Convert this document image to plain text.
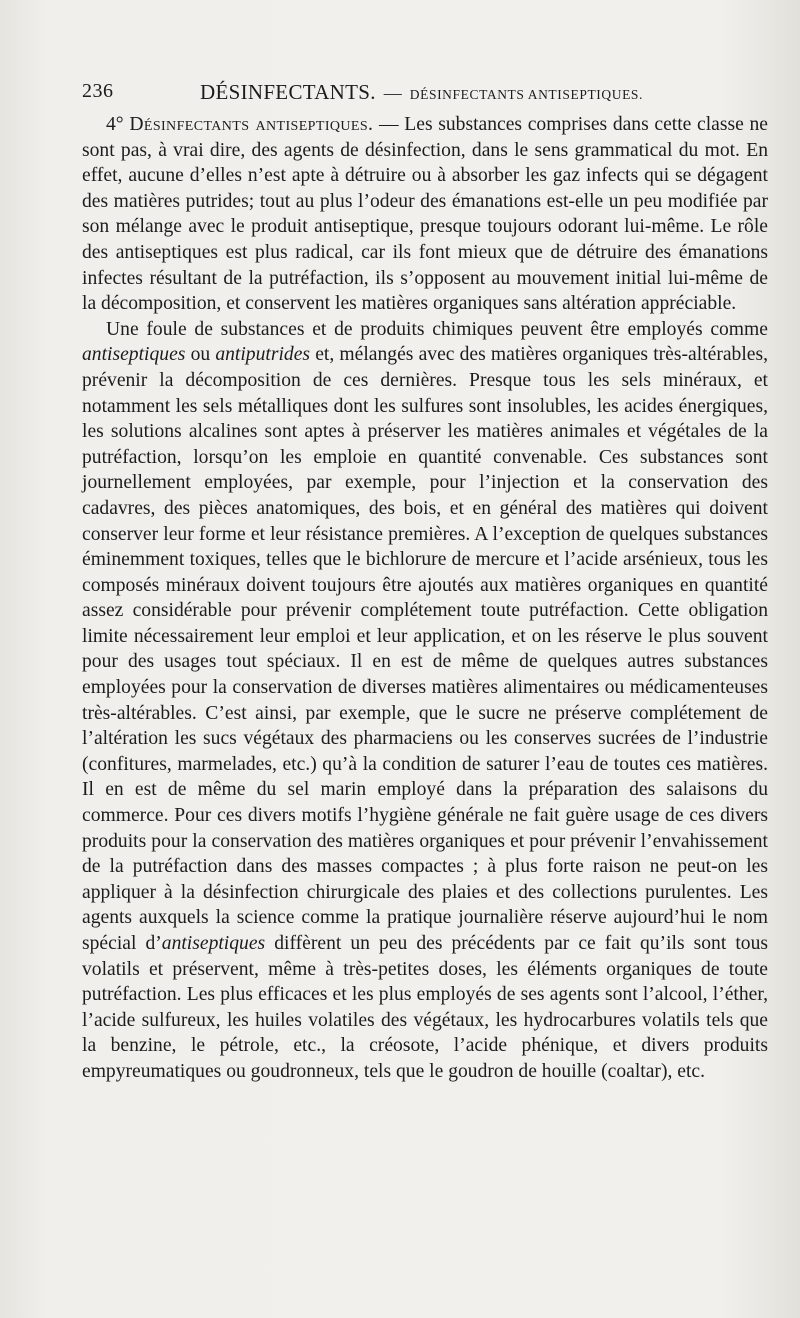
236	DÉSINFECTANTS. — DÉSINFECTANTS ANTISEPTIQUES.

4° Désinfectants antiseptiques. — Les substances comprises dans cette classe ne sont pas, à vrai dire, des agents de désinfection, dans le sens grammatical du mot. En effet, aucune d’elles n’est apte à détruire ou à absorber les gaz infects qui se dégagent des matières putrides; tout au plus l’odeur des émanations est-elle un peu modifiée par son mélange avec le produit antiseptique, presque toujours odorant lui-même. Le rôle des antiseptiques est plus radical, car ils font mieux que de détruire des émanations infectes résultant de la putréfaction, ils s’opposent au mouvement initial lui-même de la décomposition, et conservent les matières organiques sans altération appréciable.

Une foule de substances et de produits chimiques peuvent être employés comme antiseptiques ou antiputrides et, mélangés avec des matières organiques très-altérables, prévenir la décomposition de ces dernières. Presque tous les sels minéraux, et notamment les sels métalliques dont les sulfures sont insolubles, les acides énergiques, les solutions alcalines sont aptes à préserver les matières animales et végétales de la putréfaction, lorsqu’on les emploie en quantité convenable. Ces substances sont journellement employées, par exemple, pour l’injection et la conservation des cadavres, des pièces anatomiques, des bois, et en général des matières qui doivent conserver leur forme et leur résistance premières. A l’exception de quelques substances éminemment toxiques, telles que le bichlorure de mercure et l’acide arsénieux, tous les composés minéraux doivent toujours être ajoutés aux matières organiques en quantité assez considérable pour prévenir complétement toute putréfaction. Cette obligation limite nécessairement leur emploi et leur application, et on les réserve le plus souvent pour des usages tout spéciaux. Il en est de même de quelques autres substances employées pour la conservation de diverses matières alimentaires ou médicamenteuses très-altérables. C’est ainsi, par exemple, que le sucre ne préserve complétement de l’altération les sucs végétaux des pharmaciens ou les conserves sucrées de l’industrie (confitures, marmelades, etc.) qu’à la condition de saturer l’eau de toutes ces matières. Il en est de même du sel marin employé dans la préparation des salaisons du commerce. Pour ces divers motifs l’hygiène générale ne fait guère usage de ces divers produits pour la conservation des matières organiques et pour prévenir l’envahissement de la putréfaction dans des masses compactes ; à plus forte raison ne peut-on les appliquer à la désinfection chirurgicale des plaies et des collections purulentes. Les agents auxquels la science comme la pratique journalière réserve aujourd’hui le nom spécial d’antiseptiques diffèrent un peu des précédents par ce fait qu’ils sont tous volatils et préservent, même à très-petites doses, les éléments organiques de toute putréfaction. Les plus efficaces et les plus employés de ses agents sont l’alcool, l’éther, l’acide sulfureux, les huiles volatiles des végétaux, les hydrocarbures volatils tels que la benzine, le pétrole, etc., la créosote, l’acide phénique, et divers produits empyreumatiques ou goudronneux, tels que le goudron de houille (coaltar), etc.
